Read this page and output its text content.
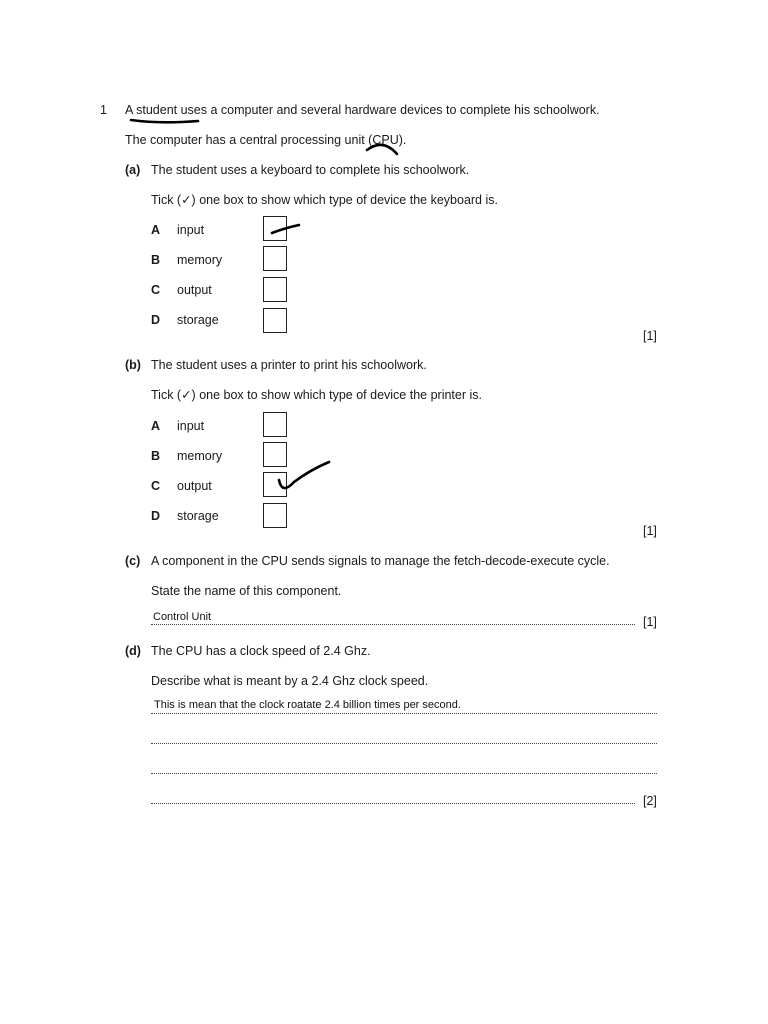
1 A student uses a computer and several hardware devices to complete his schoolwork.
The computer has a central processing unit (CPU).
(a) The student uses a keyboard to complete his schoolwork.
Tick (✓) one box to show which type of device the keyboard is.
A input
B memory
C output
D storage
[1]
(b) The student uses a printer to print his schoolwork.
Tick (✓) one box to show which type of device the printer is.
A input
B memory
C output
D storage
[1]
(c) A component in the CPU sends signals to manage the fetch-decode-execute cycle.
State the name of this component.
Control Unit	[1]
(d) The CPU has a clock speed of 2.4 Ghz.
Describe what is meant by a 2.4 Ghz clock speed.
This is mean that the clock roatate 2.4 billion times per second.
[2]
